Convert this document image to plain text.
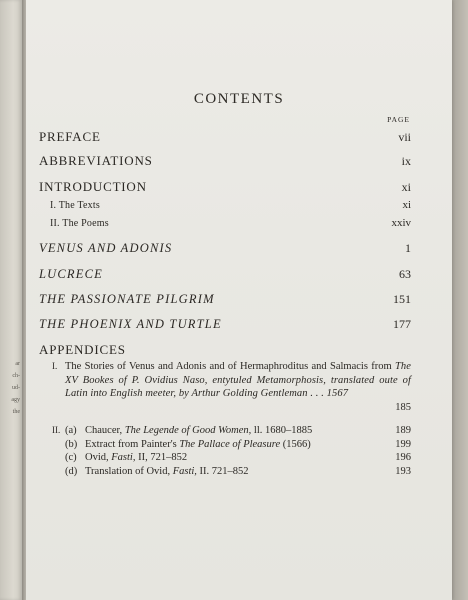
ar
ch-
ud-
agy
the
CONTENTS
PAGE
PREFACE	vii
ABBREVIATIONS	ix
INTRODUCTION	xi
I. The Texts	xi
II. The Poems	xxiv
VENUS AND ADONIS	1
LUCRECE	63
THE PASSIONATE PILGRIM	151
THE PHOENIX AND TURTLE	177
APPENDICES
I. The Stories of Venus and Adonis and of Hermaphroditus and Salmacis from The XV Bookes of P. Ovidius Naso, entytuled Metamorphosis, translated oute of Latin into English meeter, by Arthur Golding Gentleman . . . 1567
185
II. (a) Chaucer, The Legende of Good Women, ll. 1680–1885	189
(b) Extract from Painter's The Pallace of Pleasure (1566)	199
(c) Ovid, Fasti, II, 721–852	196
(d) Translation of Ovid, Fasti, II. 721–852	193
